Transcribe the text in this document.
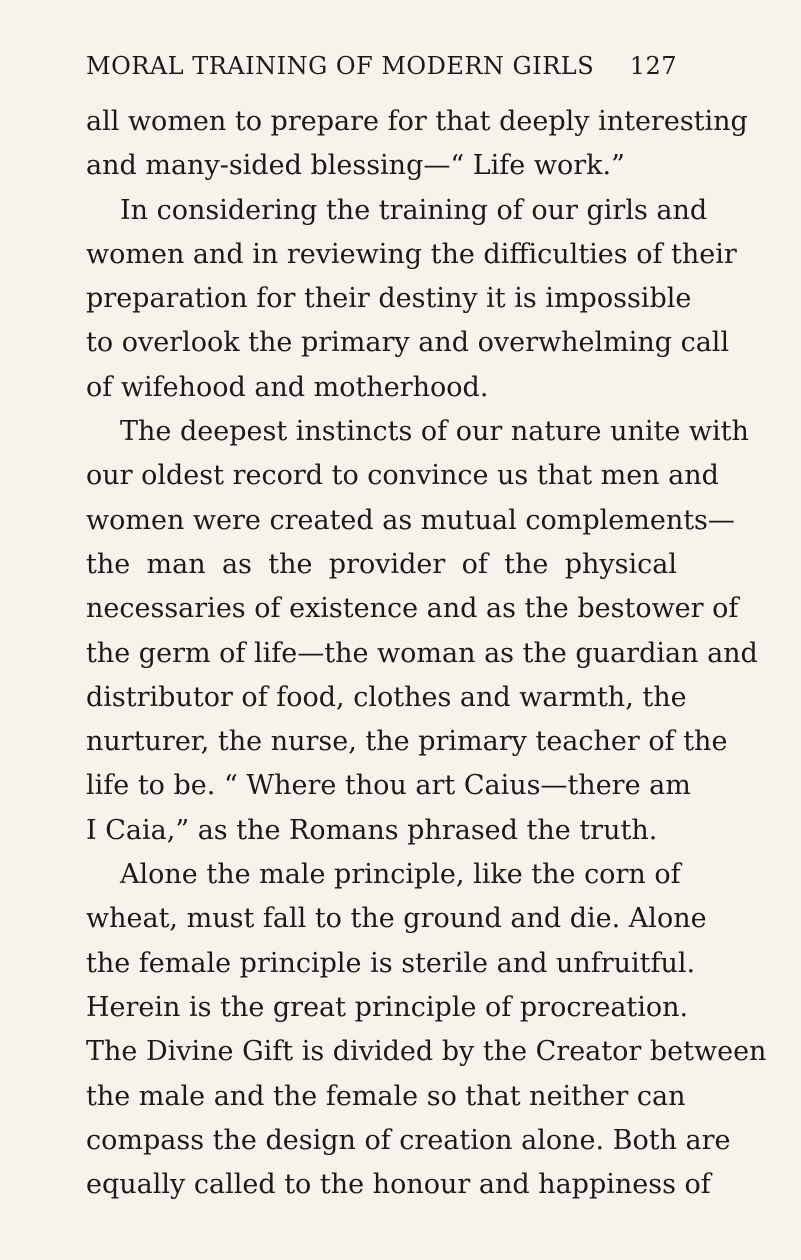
MORAL TRAINING OF MODERN GIRLS 127
all women to prepare for that deeply interesting
and many-sided blessing—“ Life work.”
In considering the training of our girls and
women and in reviewing the difficulties of their
preparation for their destiny it is impossible
to overlook the primary and overwhelming call
of wifehood and motherhood.
The deepest instincts of our nature unite with
our oldest record to convince us that men and
women were created as mutual complements—
the man as the provider of the physical
necessaries of existence and as the bestower of
the germ of life—the woman as the guardian and
distributor of food, clothes and warmth, the
nurturer, the nurse, the primary teacher of the
life to be. “ Where thou art Caius—there am
I Caia,” as the Romans phrased the truth.
Alone the male principle, like the corn of
wheat, must fall to the ground and die. Alone
the female principle is sterile and unfruitful.
Herein is the great principle of procreation.
The Divine Gift is divided by the Creator between
the male and the female so that neither can
compass the design of creation alone. Both are
equally called to the honour and happiness of
